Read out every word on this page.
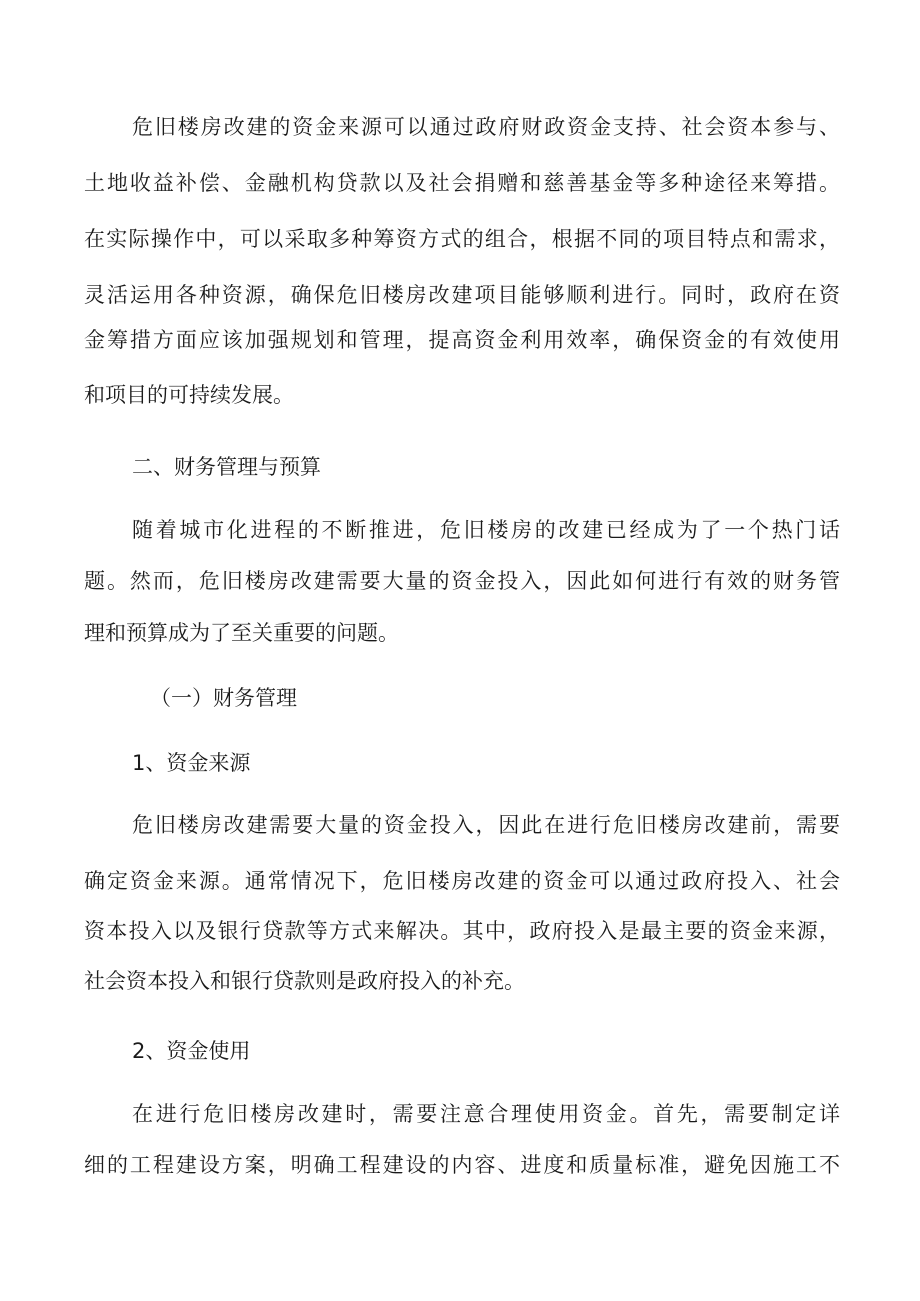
危旧楼房改建的资金来源可以通过政府财政资金支持、社会资本参与、
土地收益补偿、金融机构贷款以及社会捐赠和慈善基金等多种途径来筹措。
在实际操作中，可以采取多种筹资方式的组合，根据不同的项目特点和需求，
灵活运用各种资源，确保危旧楼房改建项目能够顺利进行。同时，政府在资
金筹措方面应该加强规划和管理，提高资金利用效率，确保资金的有效使用
和项目的可持续发展。
二、财务管理与预算
随着城市化进程的不断推进，危旧楼房的改建已经成为了一个热门话
题。然而，危旧楼房改建需要大量的资金投入，因此如何进行有效的财务管
理和预算成为了至关重要的问题。
（一）财务管理
1、资金来源
危旧楼房改建需要大量的资金投入，因此在进行危旧楼房改建前，需要
确定资金来源。通常情况下，危旧楼房改建的资金可以通过政府投入、社会
资本投入以及银行贷款等方式来解决。其中，政府投入是最主要的资金来源，
社会资本投入和银行贷款则是政府投入的补充。
2、资金使用
在进行危旧楼房改建时，需要注意合理使用资金。首先，需要制定详
细的工程建设方案，明确工程建设的内容、进度和质量标准，避免因施工不
